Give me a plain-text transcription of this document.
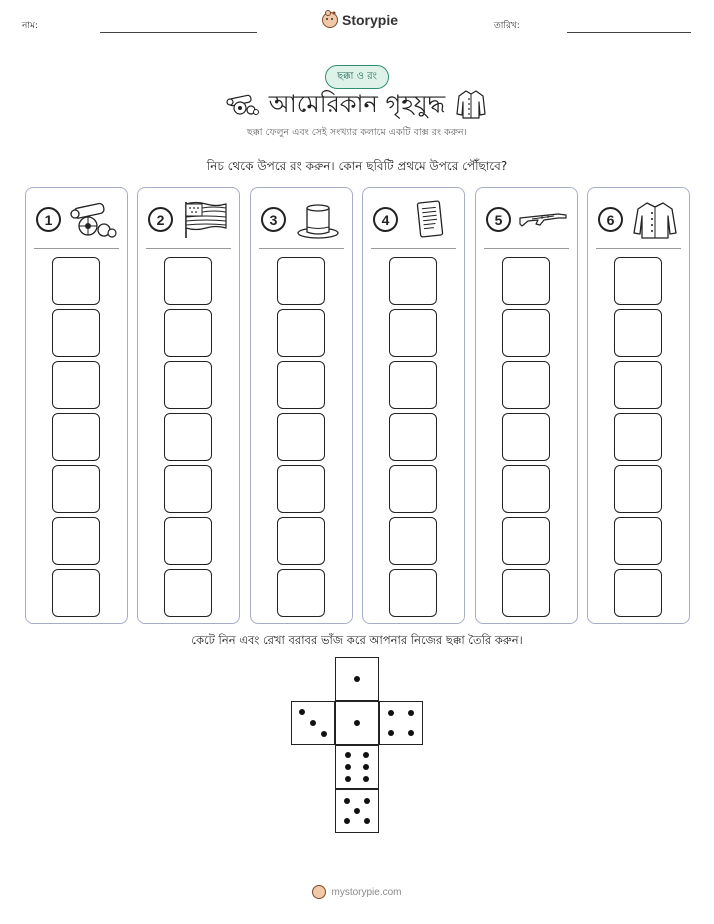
নাম:	Storypie	তারিখ:
ছক্কা ও রং
আমেরিকান গৃহযুদ্ধ
ছক্কা ফেলুন এবং সেই সংখ্যার কলামে একটি বাক্স রং করুন।
নিচ থেকে উপরে রং করুন। কোন ছবিটি প্রথমে উপরে পৌঁছাবে?
1	2	3	4	5	6
কেটে নিন এবং রেখা বরাবর ভাঁজ করে আপনার নিজের ছক্কা তৈরি করুন।
mystorypie.com
